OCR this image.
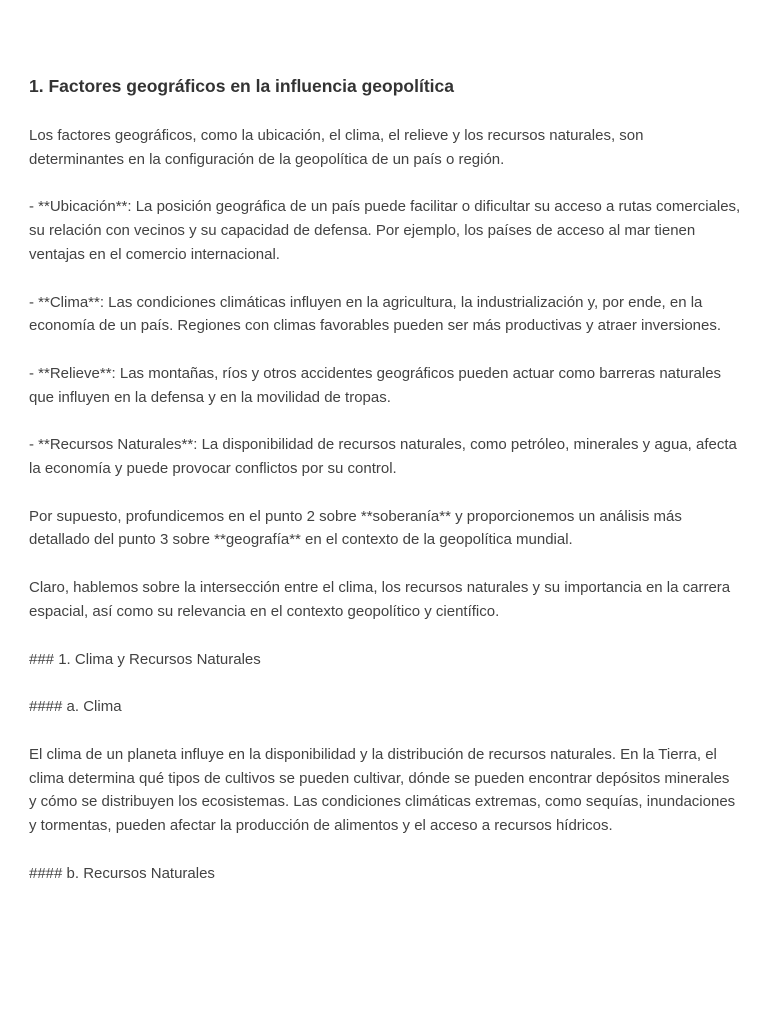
1. Factores geográficos en la influencia geopolítica

Los factores geográficos, como la ubicación, el clima, el relieve y los recursos naturales, son determinantes en la configuración de la geopolítica de un país o región.

- **Ubicación**: La posición geográfica de un país puede facilitar o dificultar su acceso a rutas comerciales, su relación con vecinos y su capacidad de defensa. Por ejemplo, los países de acceso al mar tienen ventajas en el comercio internacional.

- **Clima**: Las condiciones climáticas influyen en la agricultura, la industrialización y, por ende, en la economía de un país. Regiones con climas favorables pueden ser más productivas y atraer inversiones.

- **Relieve**: Las montañas, ríos y otros accidentes geográficos pueden actuar como barreras naturales que influyen en la defensa y en la movilidad de tropas.

- **Recursos Naturales**: La disponibilidad de recursos naturales, como petróleo, minerales y agua, afecta la economía y puede provocar conflictos por su control.

Por supuesto, profundicemos en el punto 2 sobre **soberanía** y proporcionemos un análisis más detallado del punto 3 sobre **geografía** en el contexto de la geopolítica mundial.

Claro, hablemos sobre la intersección entre el clima, los recursos naturales y su importancia en la carrera espacial, así como su relevancia en el contexto geopolítico y científico.

### 1. Clima y Recursos Naturales

#### a. Clima

El clima de un planeta influye en la disponibilidad y la distribución de recursos naturales. En la Tierra, el clima determina qué tipos de cultivos se pueden cultivar, dónde se pueden encontrar depósitos minerales y cómo se distribuyen los ecosistemas. Las condiciones climáticas extremas, como sequías, inundaciones y tormentas, pueden afectar la producción de alimentos y el acceso a recursos hídricos.

#### b. Recursos Naturales
